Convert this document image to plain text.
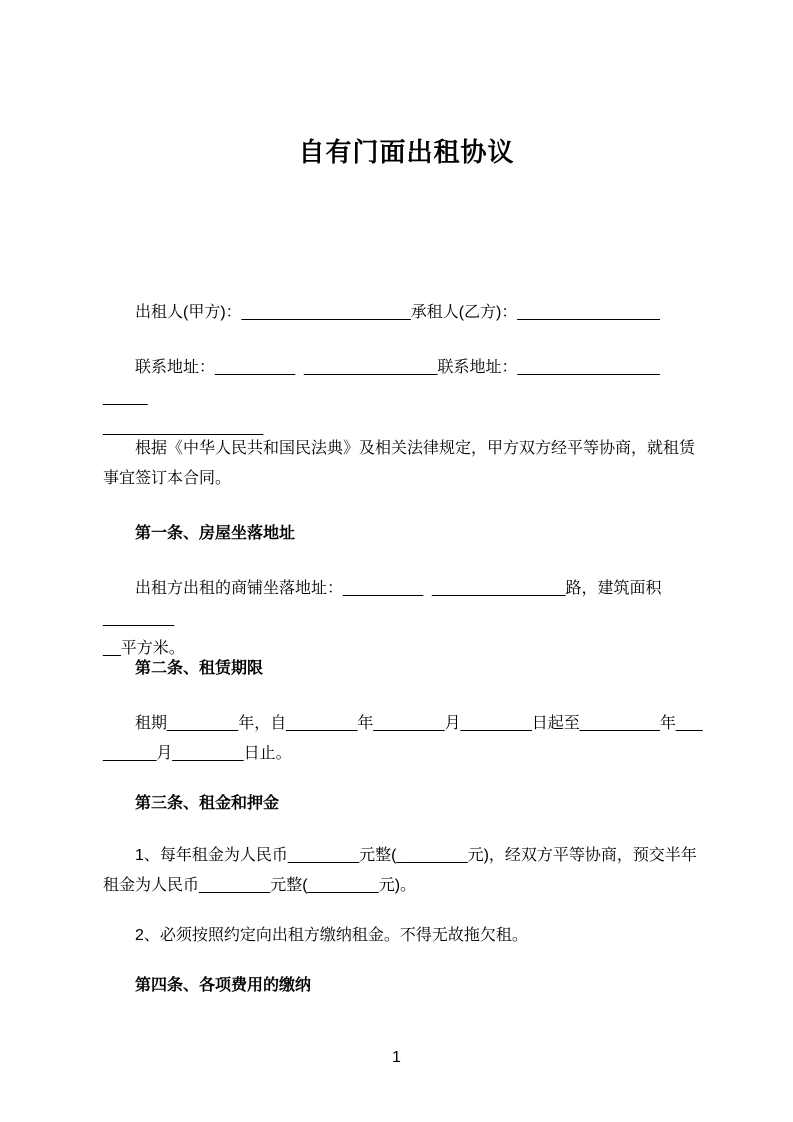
自有门面出租协议

出租人(甲方)：___________________承租人(乙方)：________________

联系地址：_________  _______________联系地址：________________   _____
__________________

根据《中华人民共和国民法典》及相关法律规定，甲方双方经平等协商，就租赁
事宜签订本合同。

第一条、房屋坐落地址

出租方出租的商铺坐落地址：_________  _______________路，建筑面积________
__平方米。

第二条、租赁期限

租期________年，自________年________月________日起至_________年___
______月________日止。

第三条、租金和押金

1、每年租金为人民币________元整(________元)，经双方平等协商，预交半年
租金为人民币________元整(________元)。

2、必须按照约定向出租方缴纳租金。不得无故拖欠租。

第四条、各项费用的缴纳

1
